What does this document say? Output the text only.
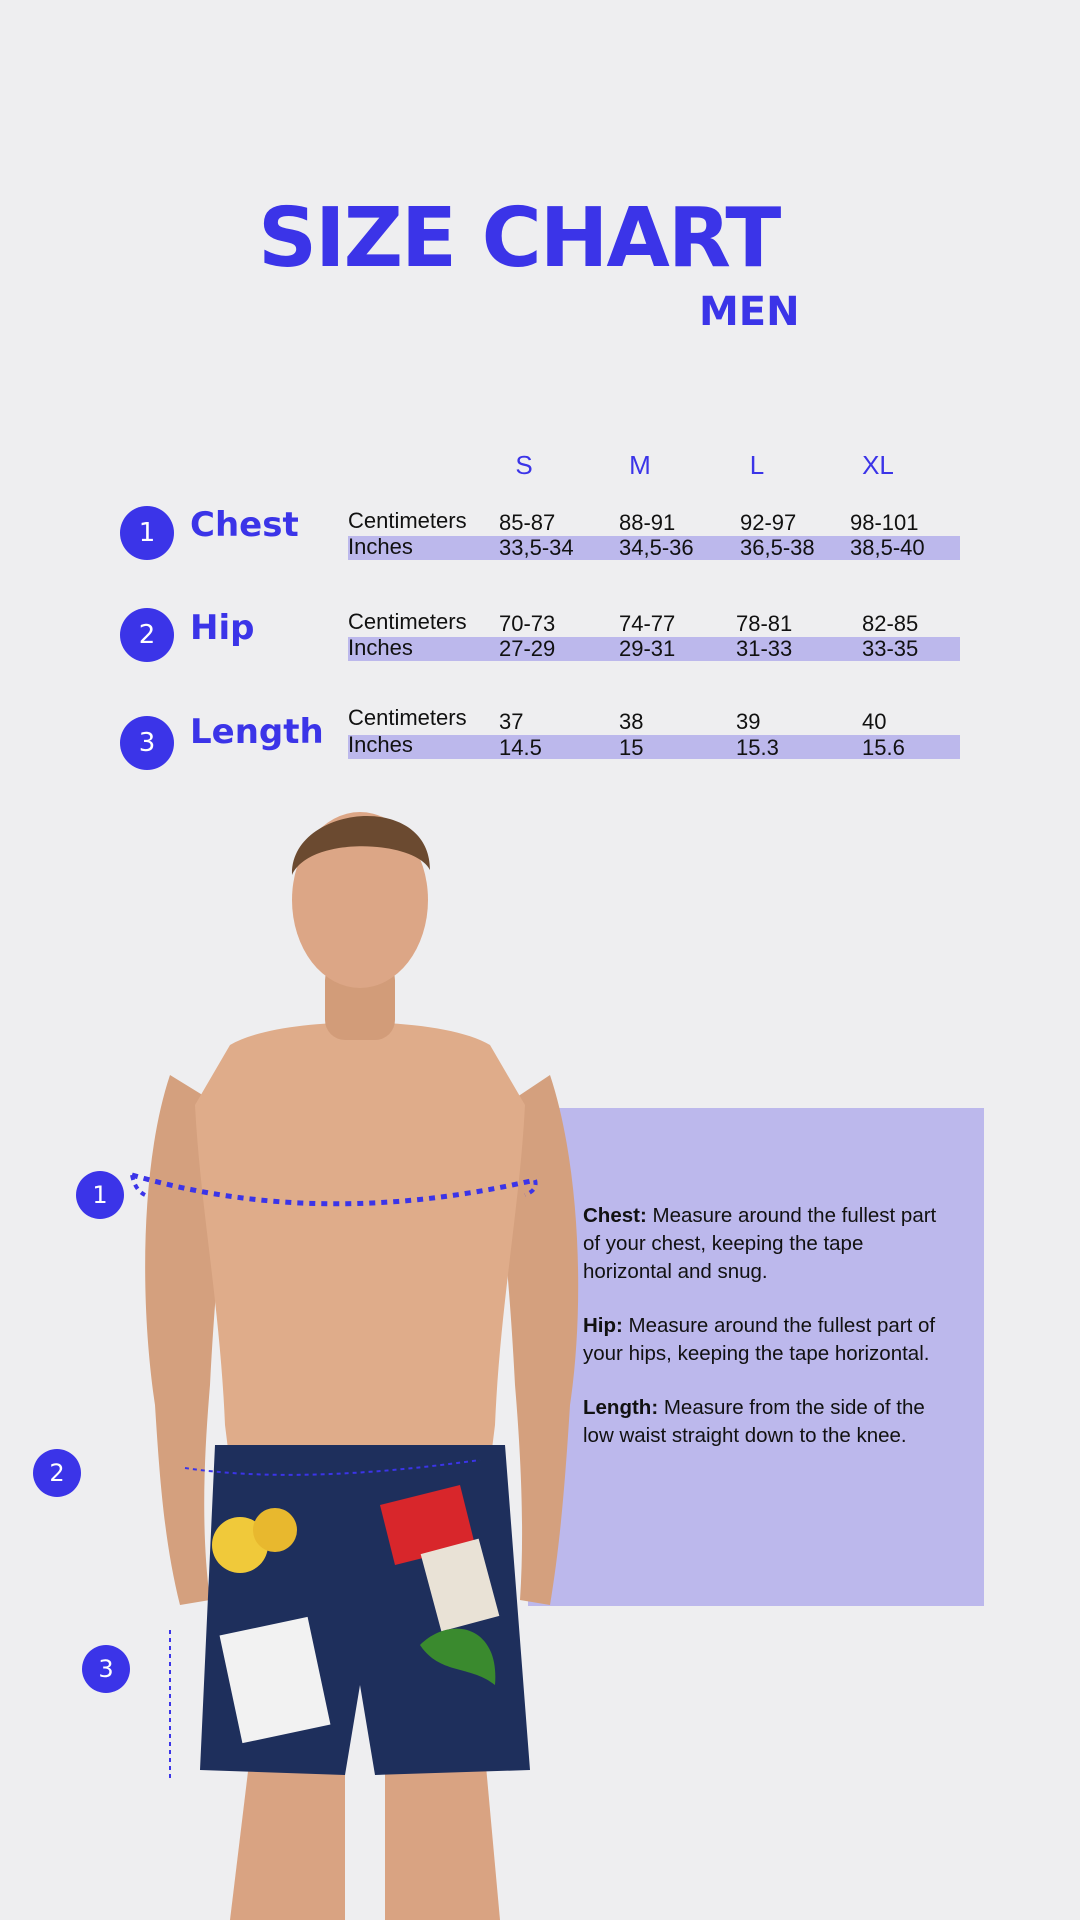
SIZE CHART
MEN
S	M	L	XL
1	Chest Centimeters
Inches
85-87	88-91	92-97 98-101
33,5-34 34,5-36 36,5-38 38,5-40
2	Hip	Centimeters
Inches
70-73	74-77	78-81	82-85
27-29	29-31	31-33	33-35
3	Length Centimeters
Inches
37	38	39	40
14.5	15	15.3	15.6
1
2
3

Chest: Measure around the fullest part of your chest, keeping the tape horizontal and snug.

Hip: Measure around the fullest part of your hips, keeping the tape horizontal.

Length: Measure from the side of the low waist straight down to the knee.
